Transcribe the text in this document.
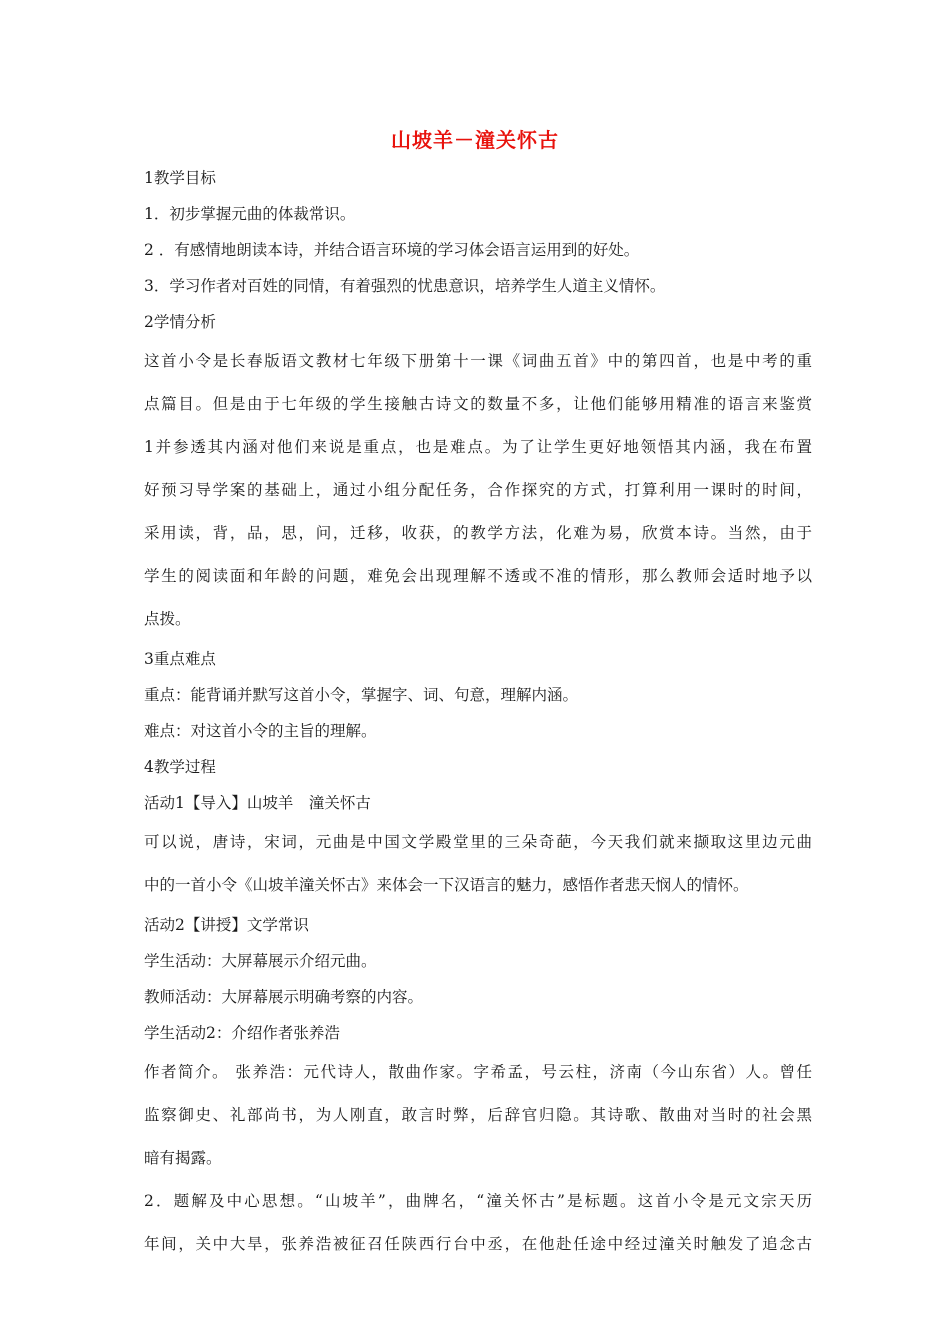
山坡羊－潼关怀古
1教学目标
1．初步掌握元曲的体裁常识。
2 ．有感情地朗读本诗，并结合语言环境的学习体会语言运用到的好处。
3．学习作者对百姓的同情，有着强烈的忧患意识，培养学生人道主义情怀。
2学情分析
这首小令是长春版语文教材七年级下册第十一课《词曲五首》中的第四首，也是中考的重
点篇目。但是由于七年级的学生接触古诗文的数量不多，让他们能够用精准的语言来鉴赏
1并参透其内涵对他们来说是重点，也是难点。为了让学生更好地领悟其内涵，我在布置
好预习导学案的基础上，通过小组分配任务，合作探究的方式，打算利用一课时的时间，
采用读，背，品，思，问，迁移，收获，的教学方法，化难为易，欣赏本诗。当然，由于
学生的阅读面和年龄的问题，难免会出现理解不透或不准的情形，那么教师会适时地予以
点拨。
3重点难点
重点：能背诵并默写这首小令，掌握字、词、句意，理解内涵。
难点：对这首小令的主旨的理解。
4教学过程
活动1【导入】山坡羊　潼关怀古
可以说，唐诗，宋词，元曲是中国文学殿堂里的三朵奇葩，今天我们就来撷取这里边元曲
中的一首小令《山坡羊潼关怀古》来体会一下汉语言的魅力，感悟作者悲天悯人的情怀。
活动2【讲授】文学常识
学生活动：大屏幕展示介绍元曲。
教师活动：大屏幕展示明确考察的内容。
学生活动2：介绍作者张养浩
作者简介。 张养浩：元代诗人，散曲作家。字希孟，号云柱，济南（今山东省）人。曾任
监察御史、礼部尚书，为人刚直，敢言时弊，后辞官归隐。其诗歌、散曲对当时的社会黑
暗有揭露。
2．题解及中心思想。“山坡羊”，曲牌名，“潼关怀古”是标题。这首小令是元文宗天历
年间，关中大旱，张养浩被征召任陕西行台中丞，在他赴任途中经过潼关时触发了追念古
